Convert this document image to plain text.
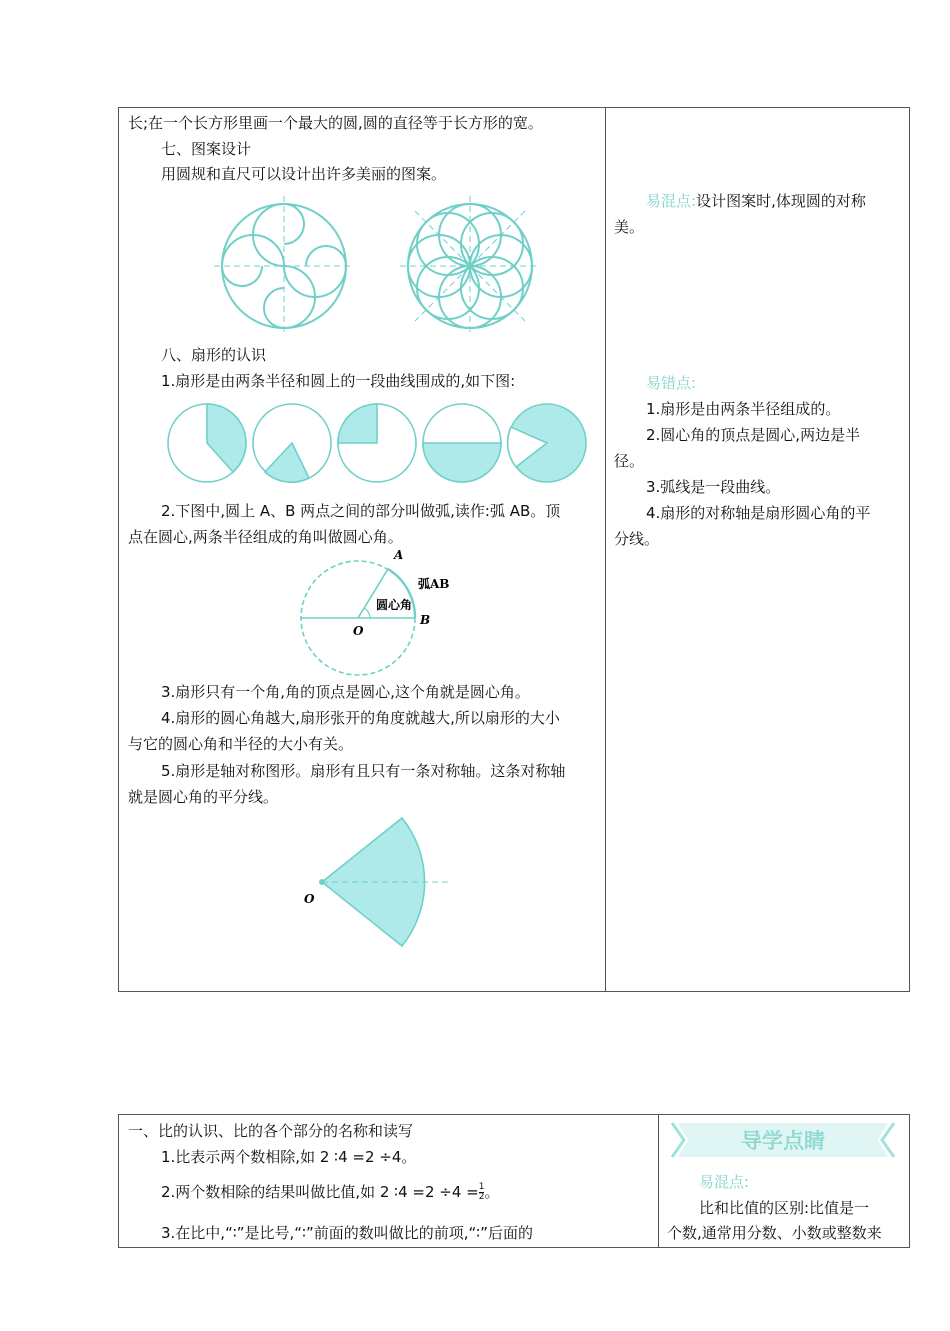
长;在一个长方形里画一个最大的圆,圆的直径等于长方形的宽。
七、图案设计
用圆规和直尺可以设计出许多美丽的图案。
八、扇形的认识
1.扇形是由两条半径和圆上的一段曲线围成的,如下图:
2.下图中,圆上 A、B 两点之间的部分叫做弧,读作:弧 AB。顶
点在圆心,两条半径组成的角叫做圆心角。
A
弧AB
圆心角
B
O
3.扇形只有一个角,角的顶点是圆心,这个角就是圆心角。
4.扇形的圆心角越大,扇形张开的角度就越大,所以扇形的大小
与它的圆心角和半径的大小有关。
5.扇形是轴对称图形。扇形有且只有一条对称轴。这条对称轴
就是圆心角的平分线。
O
易混点:设计图案时,体现圆的对称
美。
易错点:
1.扇形是由两条半径组成的。
2.圆心角的顶点是圆心,两边是半
径。
3.弧线是一段曲线。
4.扇形的对称轴是扇形圆心角的平
分线。
一、比的认识、比的各个部分的名称和读写
1.比表示两个数相除,如 2 ∶4 =2 ÷4。
2.两个数相除的结果叫做比值,如 2 ∶4 $=2 \div 4 = \frac{1}{2}$ 。
3.在比中,“∶”是比号,“∶”前面的数叫做比的前项,“∶”后面的
导学点睛
易混点:
比和比值的区别:比值是一
个数,通常用分数、小数或整数来
